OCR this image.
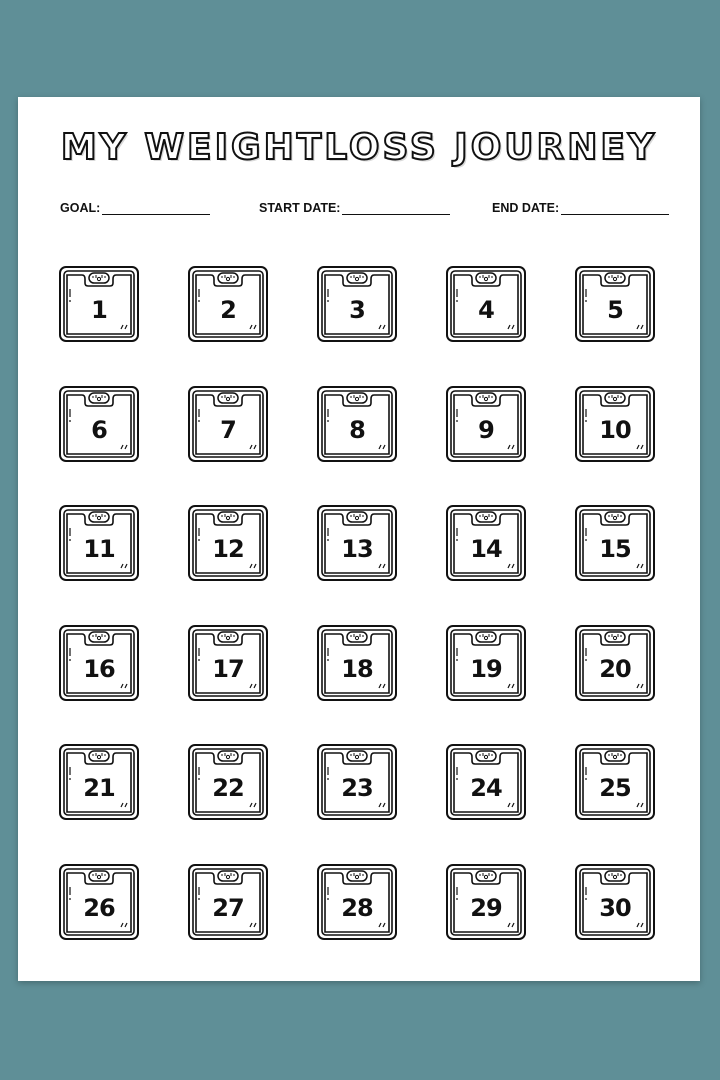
MY WEIGHTLOSS JOURNEY
GOAL:	START DATE:	END DATE:
1	2	3	4	5
6	7	8	9	10
11	12	13	14	15
16	17	18	19	20
21	22	23	24	25
26	27	28	29	30
